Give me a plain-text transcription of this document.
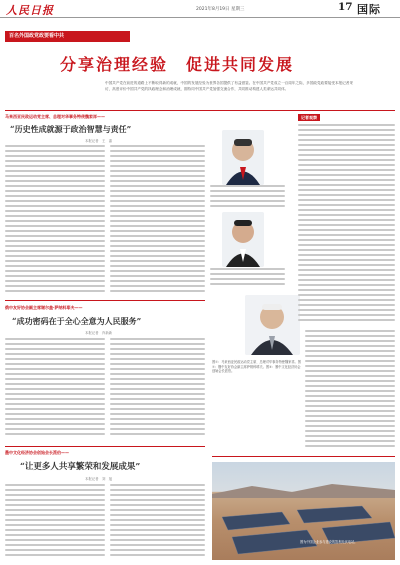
人民日报	2021年8月19日 星期三	17 国际
百名外国政党政要看中共
分享治理经验　促进共同发展
中国共产党在前进的道路上不断取得新的成就，中国的发展经验为世界各国提供了有益借鉴。在中国共产党成立一百周年之际，多国政党政要接受本报记者采访，高度评价中国共产党的执政理念和治理成就，期待同中国共产党加强交流合作，共同推动构建人类命运共同体。
马来西亚民政运动党主席、总理对华事务特使魏家祥——
“历史性成就源于政治智慧与责任”
本报记者　王　嘉
记者观察
俄中友好协会副主席谢尔盖·萨纳科耶夫——
“成功密码在于全心全意为人民服务”
本报记者　肖新新
图①：马来西亚民政运动党主席、总理对华事务特使魏家祥。图②：俄中友好协会副主席萨纳科耶夫。图③：墨中文化经济协会创始会长派伯。
墨中文化经济协会创始会长派伯——
“让更多人共享繁荣和发展成果”
本报记者　刘　旭
图为中国企业参与建设的智利光伏电站。
